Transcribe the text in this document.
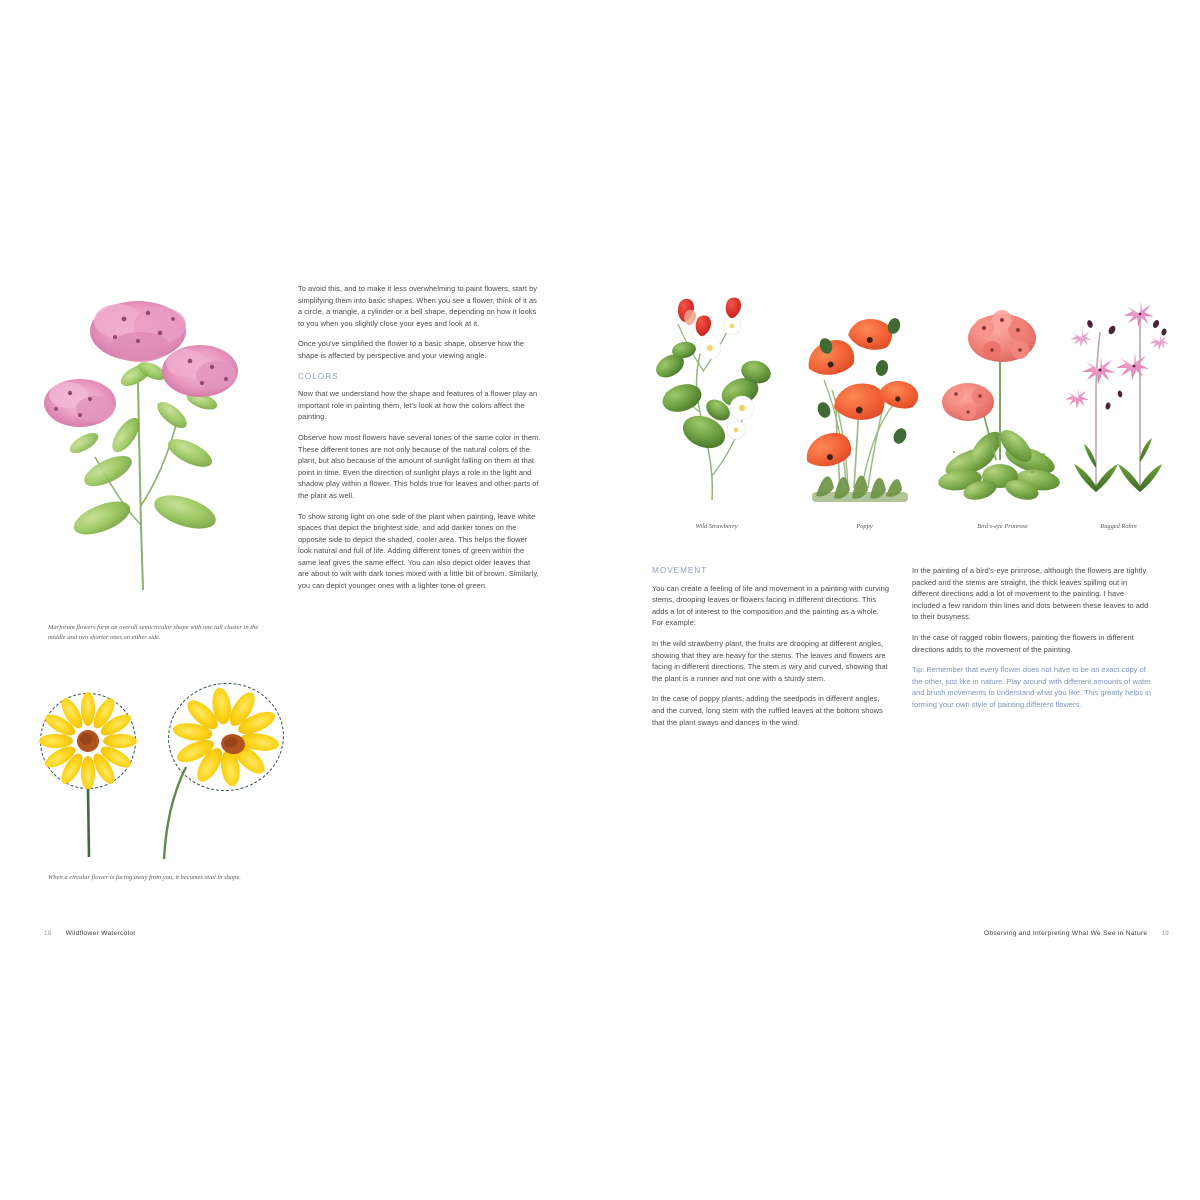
Marjoram flowers form an overall semicircular shape with one tall cluster in the middle and two shorter ones on either side.
When a circular flower is facing away from you, it becomes oval in shape.

To avoid this, and to make it less overwhelming to paint flowers, start by simplifying them into basic shapes. When you see a flower, think of it as a circle, a triangle, a cylinder or a bell shape, depending on how it looks to you when you slightly close your eyes and look at it.

Once you've simplified the flower to a basic shape, observe how the shape is affected by perspective and your viewing angle.

COLORS

Now that we understand how the shape and features of a flower play an important role in painting them, let's look at how the colors affect the painting.

Observe how most flowers have several tones of the same color in them. These different tones are not only because of the natural colors of the plant, but also because of the amount of sunlight falling on them at that point in time. Even the direction of sunlight plays a role in the light and shadow play within a flower. This holds true for leaves and other parts of the plant as well.

To show strong light on one side of the plant when painting, leave white spaces that depict the brightest side, and add darker tones on the opposite side to depict the shaded, cooler area. This helps the flower look natural and full of life. Adding different tones of green within the same leaf gives the same effect. You can also depict older leaves that are about to wilt with dark tones mixed with a little bit of brown. Similarly, you can depict younger ones with a lighter tone of green.

18 Wildflower Watercolor
Wild Strawberry	Poppy	Bird's-eye Primrose	Ragged Robin
MOVEMENT

You can create a feeling of life and movement in a painting with curving stems, drooping leaves or flowers facing in different directions. This adds a lot of interest to the composition and the painting as a whole. For example:

In the wild strawberry plant, the fruits are drooping at different angles, showing that they are heavy for the stems. The leaves and flowers are facing in different directions. The stem is wiry and curved, showing that the plant is a runner and not one with a sturdy stem.

In the case of poppy plants, adding the seedpods in different angles, and the curved, long stem with the ruffled leaves at the bottom shows that the plant sways and dances in the wind.

In the painting of a bird's-eye primrose, although the flowers are tightly packed and the stems are straight, the thick leaves spilling out in different directions add a lot of movement to the painting. I have included a few random thin lines and dots between these leaves to add to their busyness.

In the case of ragged robin flowers, painting the flowers in different directions adds to the movement of the painting.

Tip: Remember that every flower does not have to be an exact copy of the other, just like in nature. Play around with different amounts of water and brush movements to understand what you like. This greatly helps in forming your own style of painting different flowers.

Observing and Interpreting What We See in Nature 19
